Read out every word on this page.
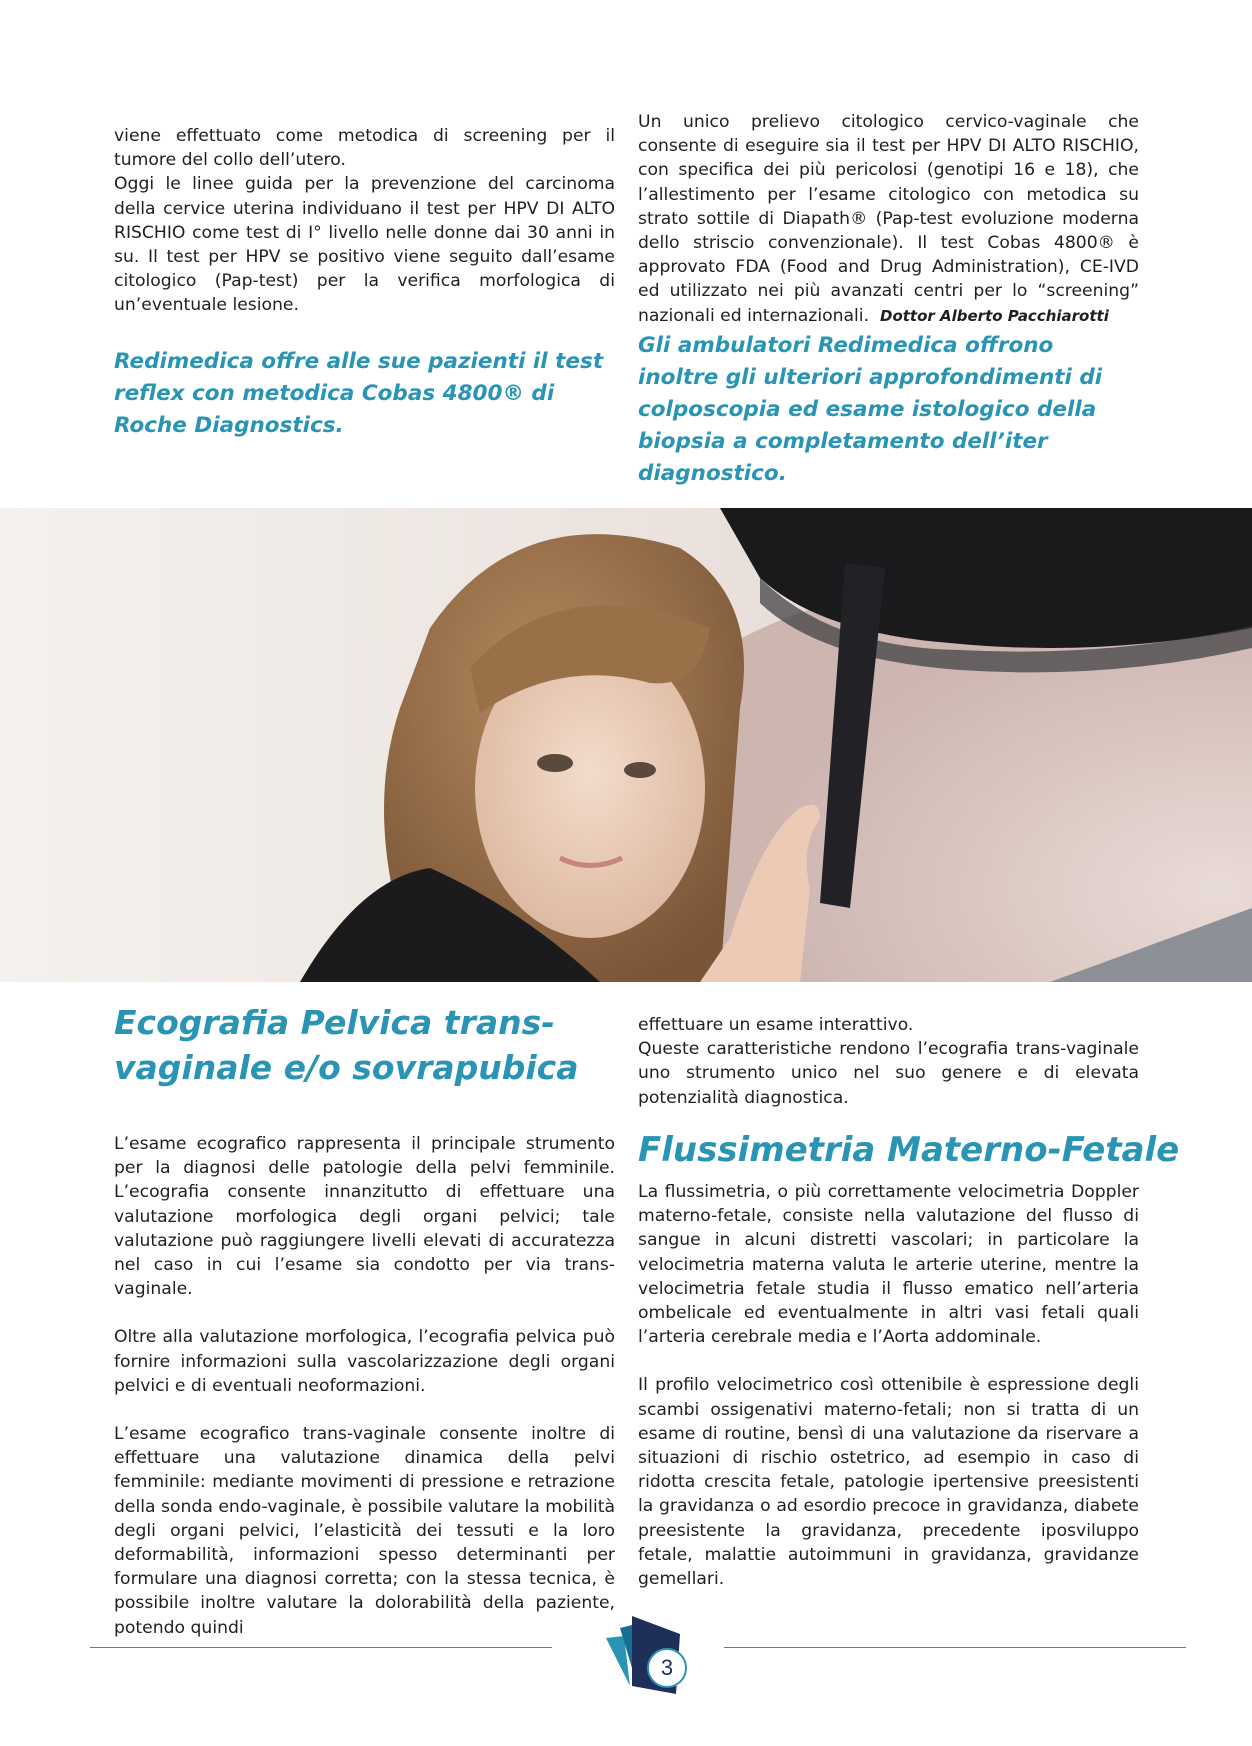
viene effettuato come metodica di screening per il tumore del collo dell’utero.

Oggi le linee guida per la prevenzione del carcinoma della cervice uterina individuano il test per HPV DI ALTO RISCHIO come test di I° livello nelle donne dai 30 anni in su. Il test per HPV se positivo viene seguito dall’esame citologico (Pap-test) per la verifica morfologica di un’eventuale lesione.

Redimedica offre alle sue pazienti il test reflex con metodica Cobas 4800® di Roche Diagnostics.

Un unico prelievo citologico cervico-vaginale che consente di eseguire sia il test per HPV DI ALTO RISCHIO, con specifica dei più pericolosi (genotipi 16 e 18), che l’allestimento per l’esame citologico con metodica su strato sottile di Diapath® (Pap-test evoluzione moderna dello striscio convenzionale). Il test Cobas 4800® è approvato FDA (Food and Drug Administration), CE-IVD ed utilizzato nei più avanzati centri per lo “screening” nazionali ed internazionali. Dottor Alberto Pacchiarotti

Gli ambulatori Redimedica offrono inoltre gli ulteriori approfondimenti di colposcopia ed esame istologico della biopsia a completamento dell’iter diagnostico.

Ecografia Pelvica trans-vaginale e/o sovrapubica

L’esame ecografico rappresenta il principale strumento per la diagnosi delle patologie della pelvi femminile. L’ecografia consente innanzitutto di effettuare una valutazione morfologica degli organi pelvici; tale valutazione può raggiungere livelli elevati di accuratezza nel caso in cui l’esame sia condotto per via trans-vaginale.

Oltre alla valutazione morfologica, l’ecografia pelvica può fornire informazioni sulla vascolarizzazione degli organi pelvici e di eventuali neoformazioni.

L’esame ecografico trans-vaginale consente inoltre di effettuare una valutazione dinamica della pelvi femminile: mediante movimenti di pressione e retrazione della sonda endo-vaginale, è possibile valutare la mobilità degli organi pelvici, l’elasticità dei tessuti e la loro deformabilità, informazioni spesso determinanti per formulare una diagnosi corretta; con la stessa tecnica, è possibile inoltre valutare la dolorabilità della paziente, potendo quindi

effettuare un esame interattivo.

Queste caratteristiche rendono l’ecografia trans-vaginale uno strumento unico nel suo genere e di elevata potenzialità diagnostica.

Flussimetria Materno-Fetale

La flussimetria, o più correttamente velocimetria Doppler materno-fetale, consiste nella valutazione del flusso di sangue in alcuni distretti vascolari; in particolare la velocimetria materna valuta le arterie uterine, mentre la velocimetria fetale studia il flusso ematico nell’arteria ombelicale ed eventualmente in altri vasi fetali quali l’arteria cerebrale media e l’Aorta addominale.

Il profilo velocimetrico così ottenibile è espressione degli scambi ossigenativi materno-fetali; non si tratta di un esame di routine, bensì di una valutazione da riservare a situazioni di rischio ostetrico, ad esempio in caso di ridotta crescita fetale, patologie ipertensive preesistenti la gravidanza o ad esordio precoce in gravidanza, diabete preesistente la gravidanza, precedente iposviluppo fetale, malattie autoimmuni in gravidanza, gravidanze gemellari.

3
